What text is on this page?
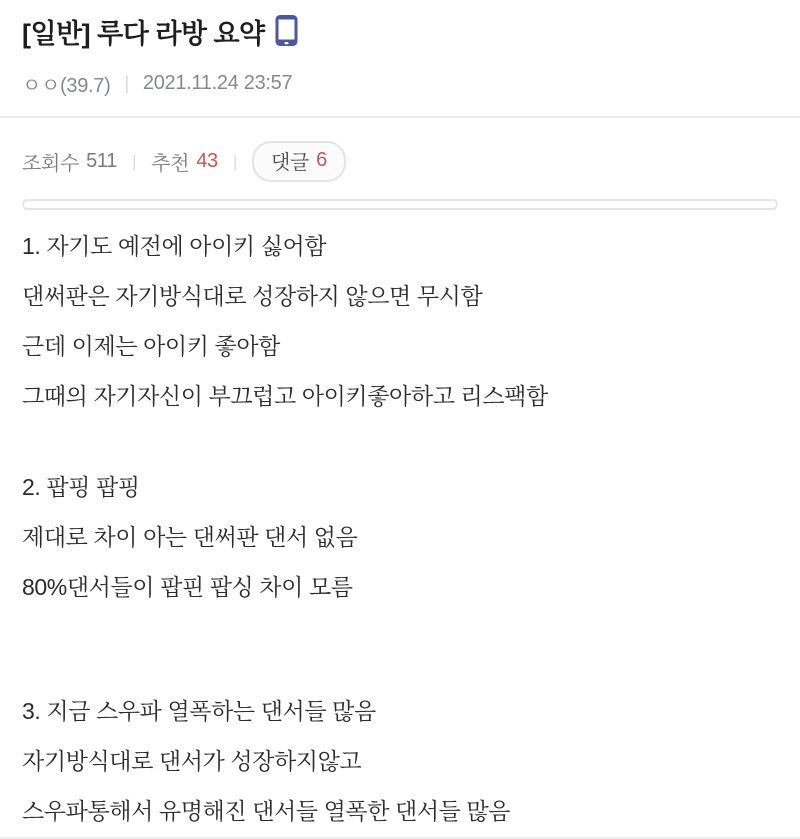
[일반] 루다 라방 요약
ㅇㅇ(39.7) | 2021.11.24 23:57
조회수 511 | 추천 43 | 댓글 6
1. 자기도 예전에 아이키 싫어함
댄써판은 자기방식대로 성장하지 않으면 무시함
근데 이제는 아이키 좋아함
그때의 자기자신이 부끄럽고 아이키좋아하고 리스팩함
2. 팝핑 팝핑
제대로 차이 아는 댄써판 댄서 없음
80%댄서들이 팝핀 팝싱 차이 모름
3. 지금 스우파 열폭하는 댄서들 많음
자기방식대로 댄서가 성장하지않고
스우파통해서 유명해진 댄서들 열폭한 댄서들 많음
